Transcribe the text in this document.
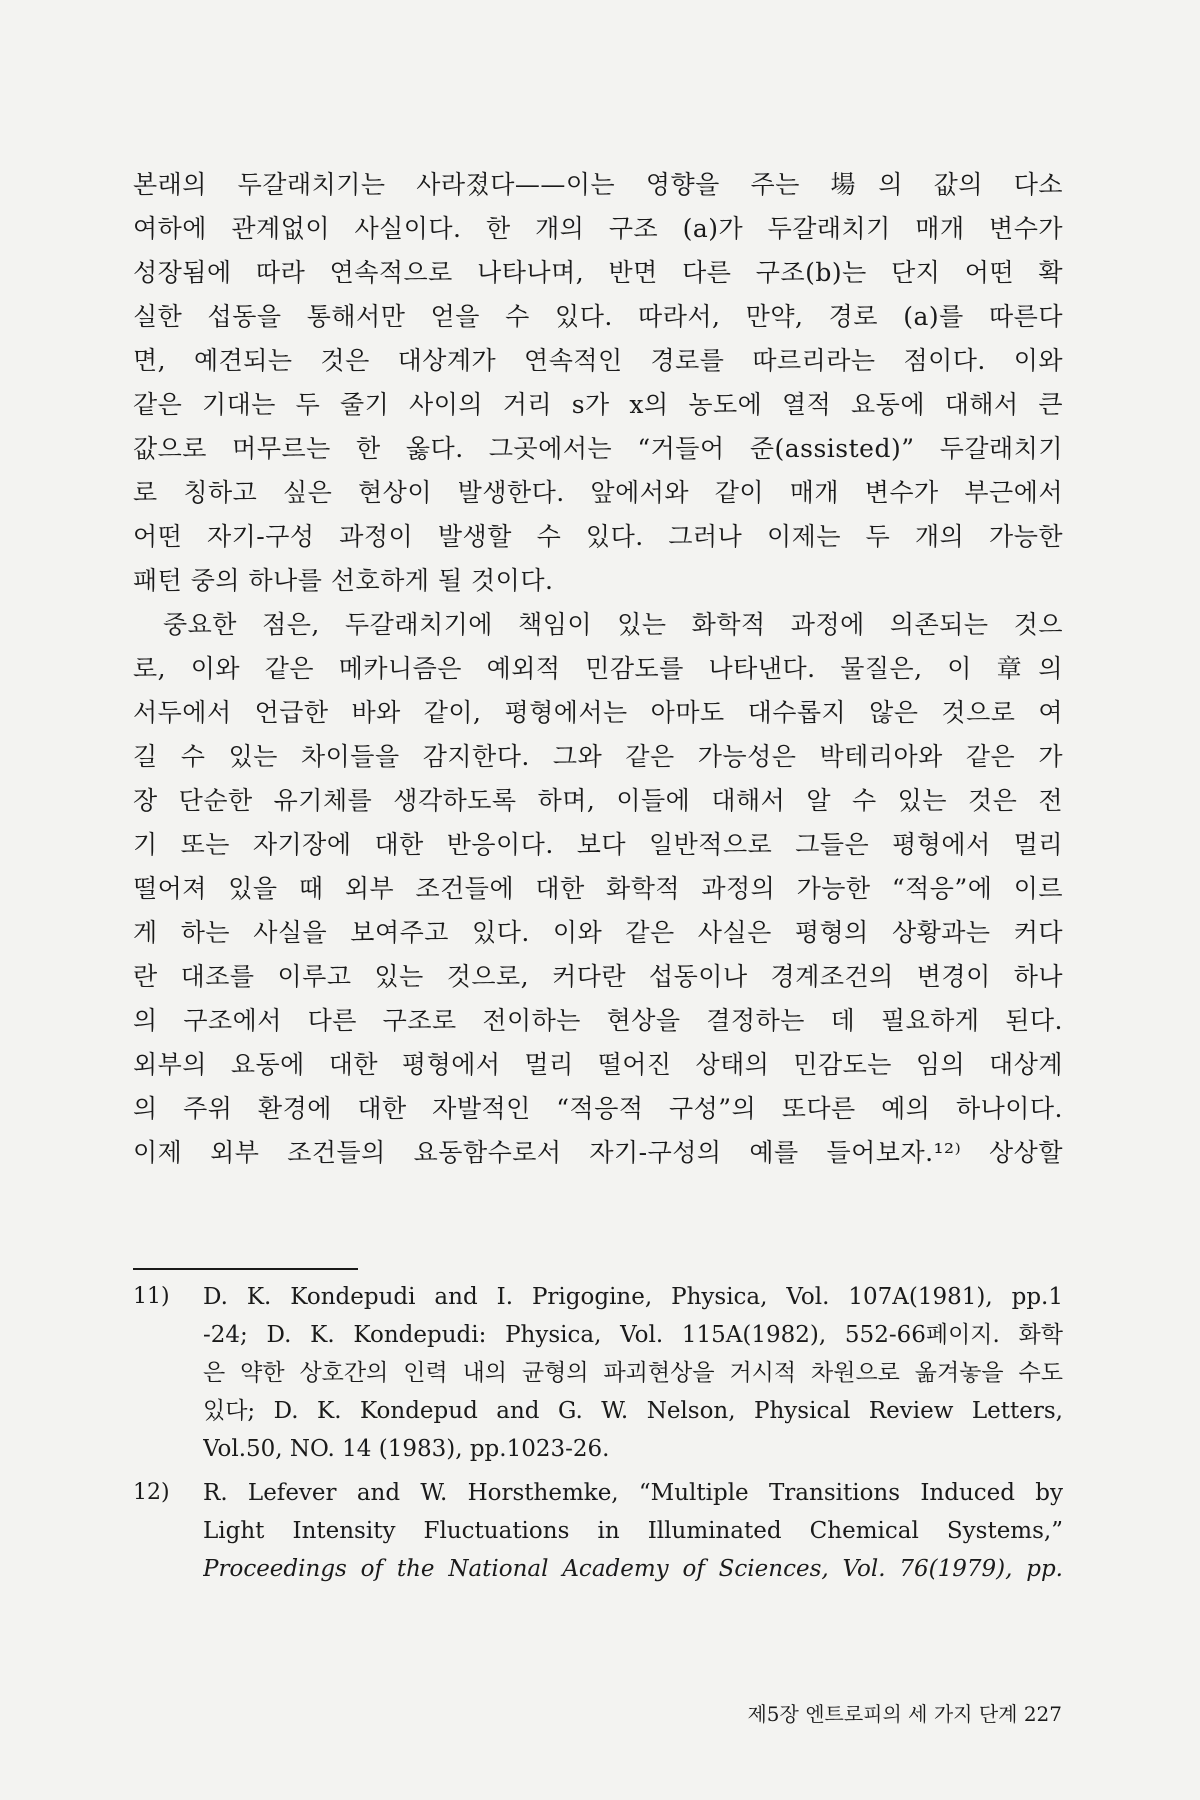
본래의 두갈래치기는 사라졌다——이는 영향을 주는 場의 값의 다소
여하에 관계없이 사실이다. 한 개의 구조 (a)가 두갈래치기 매개 변수가
성장됨에 따라 연속적으로 나타나며, 반면 다른 구조(b)는 단지 어떤 확
실한 섭동을 통해서만 얻을 수 있다. 따라서, 만약, 경로 (a)를 따른다
면, 예견되는 것은 대상계가 연속적인 경로를 따르리라는 점이다. 이와
같은 기대는 두 줄기 사이의 거리 s가 x의 농도에 열적 요동에 대해서 큰
값으로 머무르는 한 옳다. 그곳에서는 “거들어 준(assisted)” 두갈래치기
로 칭하고 싶은 현상이 발생한다. 앞에서와 같이 매개 변수가 부근에서
어떤 자기-구성 과정이 발생할 수 있다. 그러나 이제는 두 개의 가능한
패턴 중의 하나를 선호하게 될 것이다.
중요한 점은, 두갈래치기에 책임이 있는 화학적 과정에 의존되는 것으
로, 이와 같은 메카니즘은 예외적 민감도를 나타낸다. 물질은, 이 章의
서두에서 언급한 바와 같이, 평형에서는 아마도 대수롭지 않은 것으로 여
길 수 있는 차이들을 감지한다. 그와 같은 가능성은 박테리아와 같은 가
장 단순한 유기체를 생각하도록 하며, 이들에 대해서 알 수 있는 것은 전
기 또는 자기장에 대한 반응이다. 보다 일반적으로 그들은 평형에서 멀리
떨어져 있을 때 외부 조건들에 대한 화학적 과정의 가능한 “적응”에 이르
게 하는 사실을 보여주고 있다. 이와 같은 사실은 평형의 상황과는 커다
란 대조를 이루고 있는 것으로, 커다란 섭동이나 경계조건의 변경이 하나
의 구조에서 다른 구조로 전이하는 현상을 결정하는 데 필요하게 된다.
외부의 요동에 대한 평형에서 멀리 떨어진 상태의 민감도는 임의 대상계
의 주위 환경에 대한 자발적인 “적응적 구성”의 또다른 예의 하나이다.
이제 외부 조건들의 요동함수로서 자기-구성의 예를 들어보자.¹²⁾ 상상할
11) D. K. Kondepudi and I. Prigogine, Physica, Vol. 107A(1981), pp.1
-24; D. K. Kondepudi: Physica, Vol. 115A(1982), 552-66페이지. 화학
은 약한 상호간의 인력 내의 균형의 파괴현상을 거시적 차원으로 옮겨놓을 수도
있다; D. K. Kondepud and G. W. Nelson, Physical Review Letters,
Vol.50, NO. 14 (1983), pp.1023-26.
12) R. Lefever and W. Horsthemke, “Multiple Transitions Induced by
Light Intensity Fluctuations in Illuminated Chemical Systems,”
Proceedings of the National Academy of Sciences, Vol. 76(1979), pp.
제5장 엔트로피의 세 가지 단계 227
